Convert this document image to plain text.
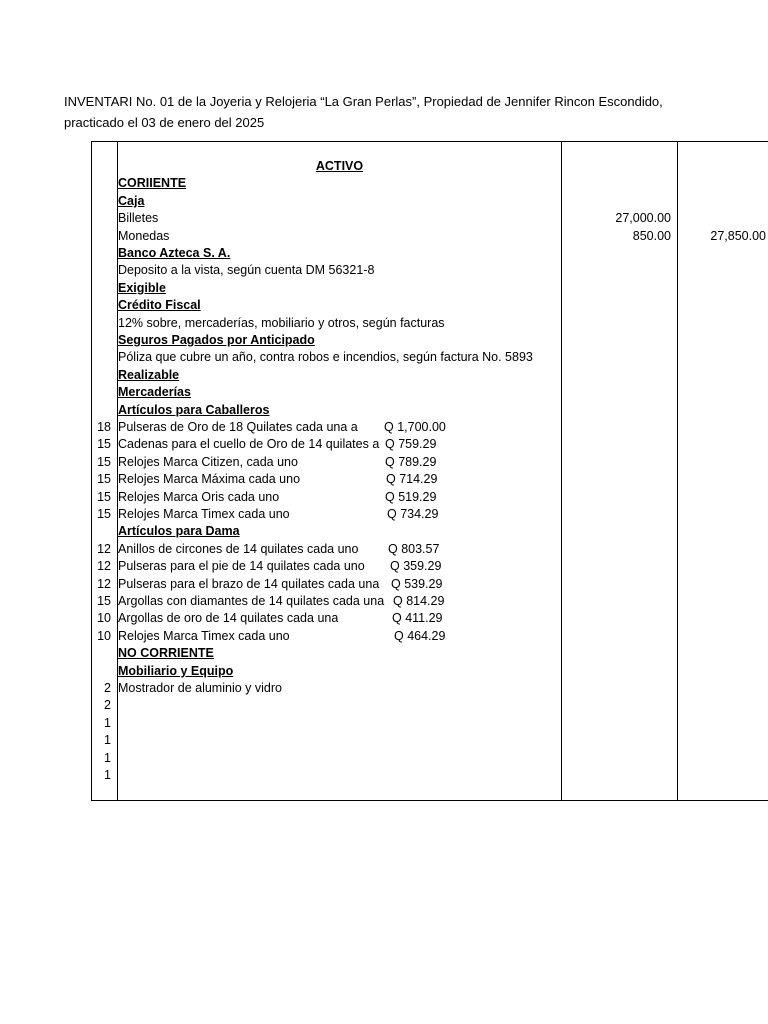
INVENTARI No. 01 de la Joyeria y Relojeria “La Gran Perlas”, Propiedad de Jennifer Rincon Escondido,
practicado el 03 de enero del 2025
ACTIVO
CORIIENTE
Caja
Billetes	27,000.00
Monedas	850.00	27,850.00
Banco Azteca S. A.
Deposito a la vista, según cuenta DM 56321-8
Exigible
Crédito Fiscal
12% sobre, mercaderías, mobiliario y otros, según facturas
Seguros Pagados por Anticipado
Póliza que cubre un año, contra robos e incendios, según factura No. 5893
Realizable
Mercaderías
Artículos para Caballeros
18 Pulseras de Oro de 18 Quilates cada una a Q 1,700.00
15 Cadenas para el cuello de Oro de 14 quilates a Q 759.29
15 Relojes Marca Citizen, cada uno	Q 789.29
15 Relojes Marca Máxima cada uno	Q 714.29
15 Relojes Marca Oris cada uno	Q 519.29
15 Relojes Marca Timex cada uno	Q 734.29
Artículos para Dama
12 Anillos de circones de 14 quilates cada uno Q 803.57
12 Pulseras para el pie de 14 quilates cada uno Q 359.29
12 Pulseras para el brazo de 14 quilates cada una Q 539.29
15 Argollas con diamantes de 14 quilates cada una Q 814.29
10 Argollas de oro de 14 quilates cada una	Q 411.29
10 Relojes Marca Timex cada uno	Q 464.29
NO CORRIENTE
Mobiliario y Equipo
2 Mostrador de aluminio y vidro
2
1
1
1
1
